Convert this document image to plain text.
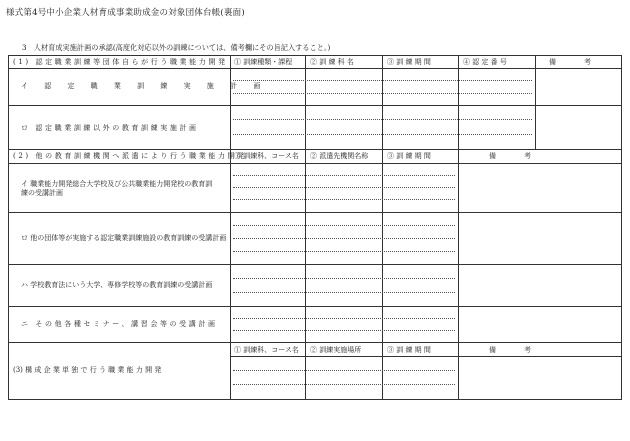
様式第4号中小企業人材育成事業助成金の対象団体台帳(裏面)
3　人材育成実施計画の承認(高度化対応以外の訓練については、備考欄にその旨記入すること。)
(1) 認定職業訓練等団体自らが行う職業能力開発 ① 訓練種類・課程	② 訓 練 科 名	③ 訓 練 期 間	④ 認 定 番 号	備　　　　考
イ 認 定 職 業 訓 練 実 施 計 画
ロ 認定職業訓練以外の教育訓練実施計画
(2) 他の教育訓練機関へ派遣により行う職業能力開発
① 訓練科、コース名 ② 派遣先機関名称	③ 訓 練 期 間	備　　　　考
イ 職業能力開発総合大学校及び公共職業能力開発校の教育訓練の受講計画
ロ 他の団体等が実施する認定職業訓練施設の教育訓練の受講計画
ハ 学校教育法にいう大学、専修学校等の教育訓練の受講計画
ニ その他各種セミナー、講習会等の受講計画
① 訓練科、コース名 ② 訓練実施場所	③ 訓 練 期 間	備　　　　考
(3) 構 成 企 業 単 独 で 行 う 職 業 能 力 開 発
